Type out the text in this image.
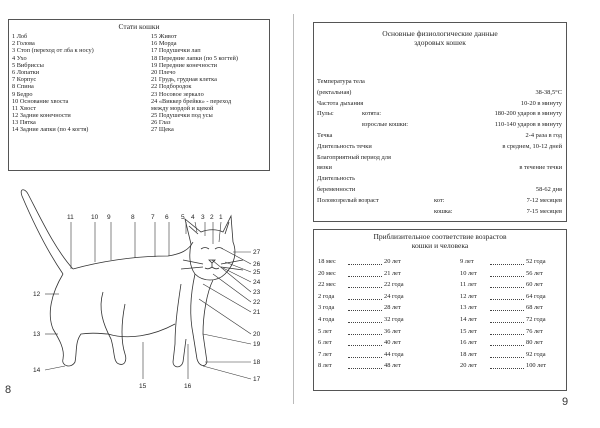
Стати кошки
1 Лоб
2 Голова
3 Стоп (переход от лба к носу)
4 Ухо
5 Вибриссы
6 Лопатки
7 Корпус
8 Спина
9 Бедро
10 Основание хвоста
11 Хвост
12 Задние конечности
13 Пятка
14 Задние лапки (по 4 когтя)
15 Живот
16 Морда
17 Подушечки лап
18 Передние лапки (по 5 когтей)
19 Передние конечности
20 Плечо
21 Грудь, грудная клетка
22 Подбородок
23 Носовое зеркало
24 «Виккер брейкк» - переход
между мордой и щекой
25 Подушечки под усы
26 Глаз
27 Щека
11	10 9	8	7 6 5 4 3 2 1
27
26
25
24
23
22
21
20
19
18
17
12
13
14
15	16
8
Основные физиологические данные
здоровых кошек
Температура тела
(ректальная)	38-38,5°С
Частота дыхания	10-20 в минуту
Пульс	котята:	180-200 ударов в минуту
взрослые кошки:	110-140 ударов в минуту
Течка	2-4 раза в год
Длительность течки	в среднем, 10-12 дней
Благоприятный период для
вязки	в течение течки
Длительность
беременности	58-62 дня
Половозрелый возраст	кот:	7-12 месяцев
кошка:	7-15 месяцев
Приблизительное соответствие возрастов
кошки и человека
18 мес	20 лет
20 мес	21 лет
22 мес	22 года
2 года	24 года
3 года	28 лет
4 года	32 года
5 лет	36 лет
6 лет	40 лет
7 лет	44 года
8 лет	48 лет
9 лет	52 года
10 лет	56 лет
11 лет	60 лет
12 лет	64 года
13 лет	68 лет
14 лет	72 года
15 лет	76 лет
16 лет	80 лет
18 лет	92 года
20 лет	100 лет
9
